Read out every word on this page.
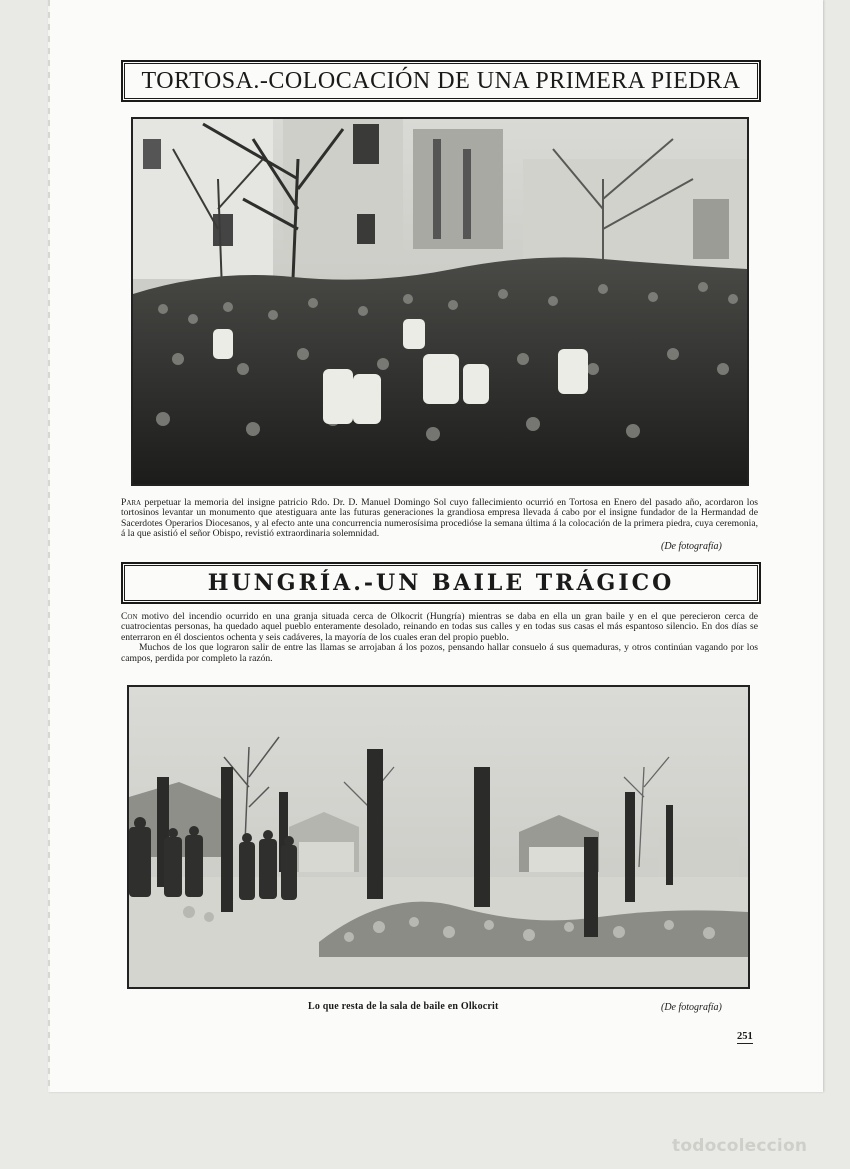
TORTOSA.-COLOCACIÓN DE UNA PRIMERA PIEDRA
Para perpetuar la memoria del insigne patricio Rdo. Dr. D. Manuel Domingo Sol cuyo fallecimiento ocurrió en Tortosa en Enero del pasado año, acordaron los tortosinos levantar un monumento que atestiguara ante las futuras generaciones la grandiosa empresa llevada á cabo por el insigne fundador de la Hermandad de Sacerdotes Operarios Diocesanos, y al efecto ante una concurrencia numerosísima procedióse la semana última á la colocación de la primera piedra, cuya ceremonia, á la que asistió el señor Obispo, revistió extraordinaria solemnidad.
(De fotografía)
HUNGRÍA.-UN BAILE TRÁGICO

Con motivo del incendio ocurrido en una granja situada cerca de Olkocrit (Hungría) mientras se daba en ella un gran baile y en el que perecieron cerca de cuatrocientas personas, ha quedado aquel pueblo enteramente desolado, reinando en todas sus calles y en todas sus casas el más espantoso silencio. En dos días se enterraron en él doscientos ochenta y seis cadáveres, la mayoría de los cuales eran del propio pueblo.

Muchos de los que lograron salir de entre las llamas se arrojaban á los pozos, pensando hallar consuelo á sus quemaduras, y otros continúan vagando por los campos, perdida por completo la razón.

Lo que resta de la sala de baile en Olkocrit	(De fotografía)
251
todocoleccion
